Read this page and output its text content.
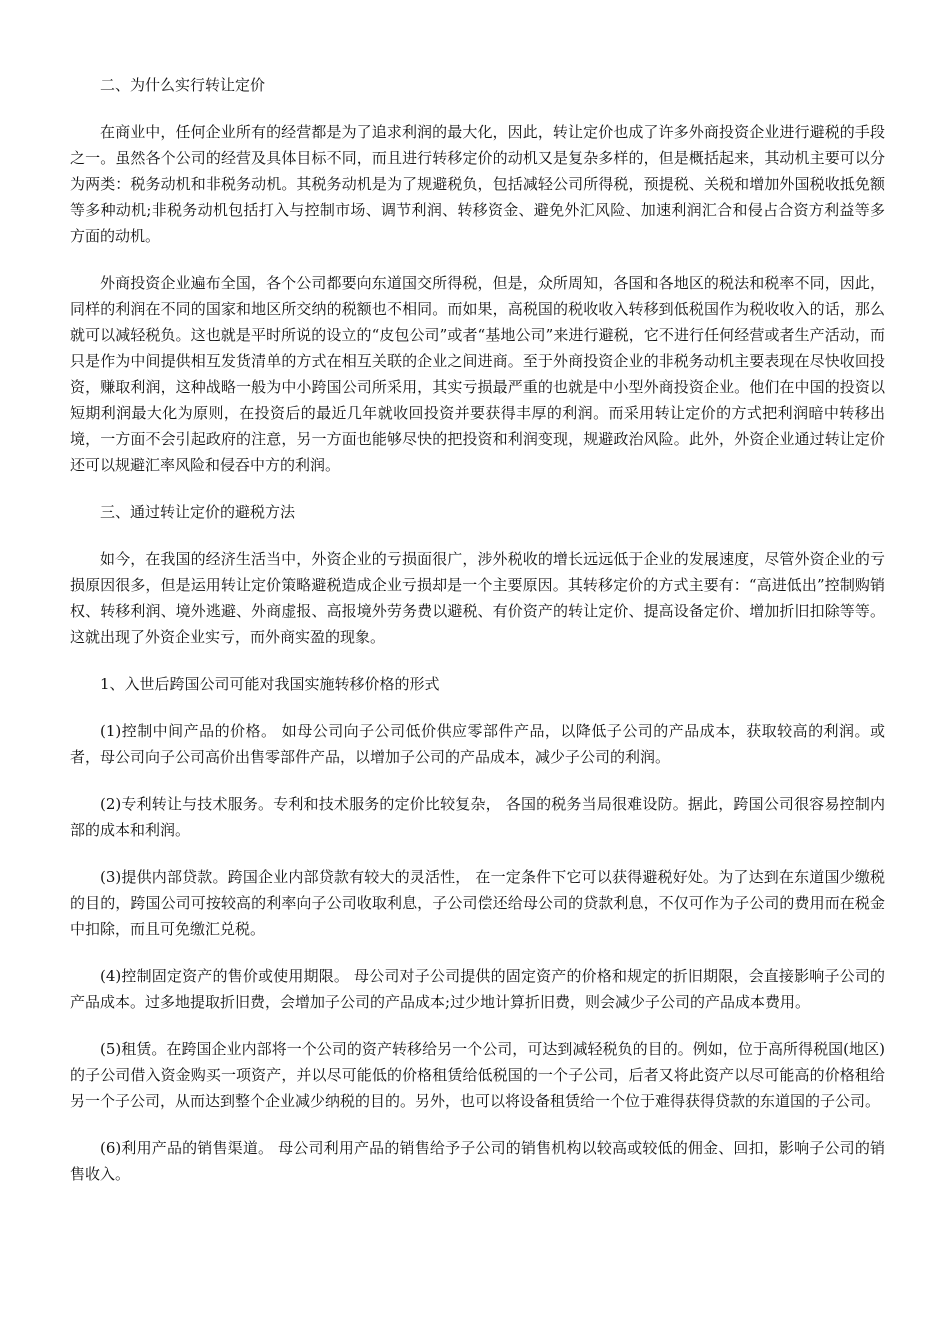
二、为什么实行转让定价

在商业中，任何企业所有的经营都是为了追求利润的最大化，因此，转让定价也成了许多外商投资企业进行避税的手段之一。虽然各个公司的经营及具体目标不同，而且进行转移定价的动机又是复杂多样的，但是概括起来，其动机主要可以分为两类：税务动机和非税务动机。其税务动机是为了规避税负，包括减轻公司所得税，预提税、关税和增加外国税收抵免额等多种动机;非税务动机包括打入与控制市场、调节利润、转移资金、避免外汇风险、加速利润汇合和侵占合资方利益等多方面的动机。

外商投资企业遍布全国，各个公司都要向东道国交所得税，但是，众所周知，各国和各地区的税法和税率不同，因此，同样的利润在不同的国家和地区所交纳的税额也不相同。而如果，高税国的税收收入转移到低税国作为税收收入的话，那么就可以减轻税负。这也就是平时所说的设立的“皮包公司”或者“基地公司”来进行避税，它不进行任何经营或者生产活动，而只是作为中间提供相互发货清单的方式在相互关联的企业之间进商。至于外商投资企业的非税务动机主要表现在尽快收回投资，赚取利润，这种战略一般为中小跨国公司所采用，其实亏损最严重的也就是中小型外商投资企业。他们在中国的投资以短期利润最大化为原则，在投资后的最近几年就收回投资并要获得丰厚的利润。而采用转让定价的方式把利润暗中转移出境，一方面不会引起政府的注意，另一方面也能够尽快的把投资和利润变现，规避政治风险。此外，外资企业通过转让定价还可以规避汇率风险和侵吞中方的利润。

三、通过转让定价的避税方法

如今，在我国的经济生活当中，外资企业的亏损面很广，涉外税收的增长远远低于企业的发展速度，尽管外资企业的亏损原因很多，但是运用转让定价策略避税造成企业亏损却是一个主要原因。其转移定价的方式主要有：“高进低出”控制购销权、转移利润、境外逃避、外商虚报、高报境外劳务费以避税、有价资产的转让定价、提高设备定价、增加折旧扣除等等。这就出现了外资企业实亏，而外商实盈的现象。

1、入世后跨国公司可能对我国实施转移价格的形式

(1)控制中间产品的价格。 如母公司向子公司低价供应零部件产品，以降低子公司的产品成本，获取较高的利润。或者，母公司向子公司高价出售零部件产品，以增加子公司的产品成本，减少子公司的利润。

(2)专利转让与技术服务。专利和技术服务的定价比较复杂， 各国的税务当局很难设防。据此，跨国公司很容易控制内部的成本和利润。

(3)提供内部贷款。跨国企业内部贷款有较大的灵活性， 在一定条件下它可以获得避税好处。为了达到在东道国少缴税的目的，跨国公司可按较高的利率向子公司收取利息，子公司偿还给母公司的贷款利息，不仅可作为子公司的费用而在税金中扣除，而且可免缴汇兑税。

(4)控制固定资产的售价或使用期限。 母公司对子公司提供的固定资产的价格和规定的折旧期限，会直接影响子公司的产品成本。过多地提取折旧费，会增加子公司的产品成本;过少地计算折旧费，则会减少子公司的产品成本费用。

(5)租赁。在跨国企业内部将一个公司的资产转移给另一个公司，可达到减轻税负的目的。例如，位于高所得税国(地区)的子公司借入资金购买一项资产，并以尽可能低的价格租赁给低税国的一个子公司，后者又将此资产以尽可能高的价格租给另一个子公司，从而达到整个企业减少纳税的目的。另外，也可以将设备租赁给一个位于难得获得贷款的东道国的子公司。

(6)利用产品的销售渠道。 母公司利用产品的销售给予子公司的销售机构以较高或较低的佣金、回扣，影响子公司的销售收入。
